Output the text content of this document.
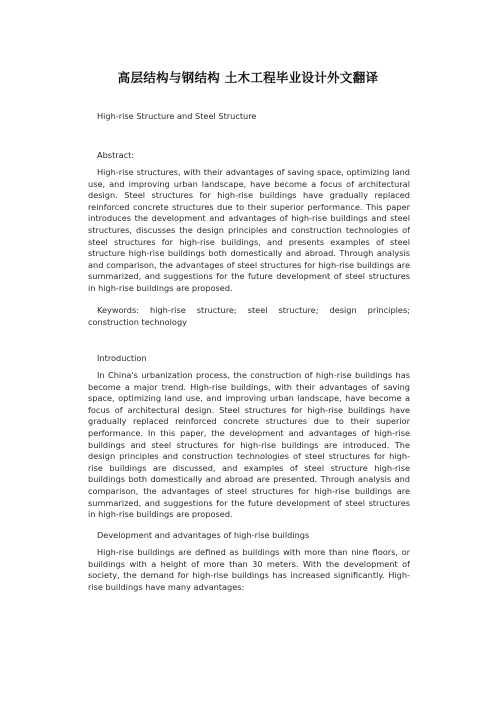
高层结构与钢结构 土木工程毕业设计外文翻译
High-rise Structure and Steel Structure
Abstract:
High-rise structures, with their advantages of saving space, optimizing land use, and improving urban landscape, have become a focus of architectural design. Steel structures for high-rise buildings have gradually replaced reinforced concrete structures due to their superior performance. This paper introduces the development and advantages of high-rise buildings and steel structures, discusses the design principles and construction technologies of steel structures for high-rise buildings, and presents examples of steel structure high-rise buildings both domestically and abroad. Through analysis and comparison, the advantages of steel structures for high-rise buildings are summarized, and suggestions for the future development of steel structures in high-rise buildings are proposed.
Keywords: high-rise structure; steel structure; design principles; construction technology
Introduction
In China's urbanization process, the construction of high-rise buildings has become a major trend. High-rise buildings, with their advantages of saving space, optimizing land use, and improving urban landscape, have become a focus of architectural design. Steel structures for high-rise buildings have gradually replaced reinforced concrete structures due to their superior performance. In this paper, the development and advantages of high-rise buildings and steel structures for high-rise buildings are introduced. The design principles and construction technologies of steel structures for high-rise buildings are discussed, and examples of steel structure high-rise buildings both domestically and abroad are presented. Through analysis and comparison, the advantages of steel structures for high-rise buildings are summarized, and suggestions for the future development of steel structures in high-rise buildings are proposed.
Development and advantages of high-rise buildings
High-rise buildings are defined as buildings with more than nine floors, or buildings with a height of more than 30 meters. With the development of society, the demand for high-rise buildings has increased significantly. High-rise buildings have many advantages:
